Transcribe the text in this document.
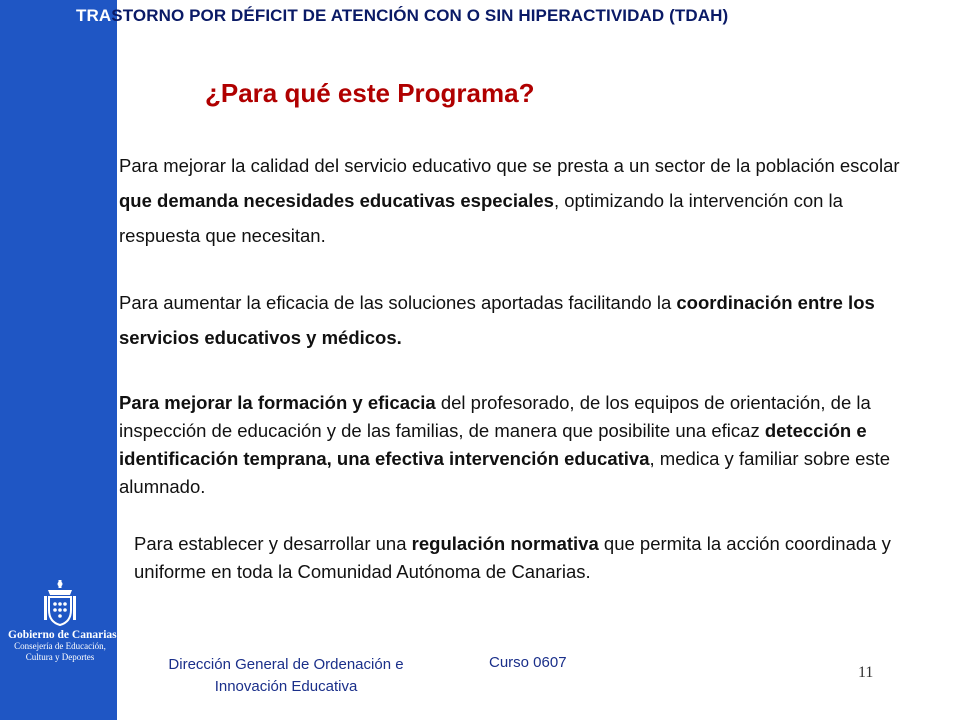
TRASTORNO POR DÉFICIT DE ATENCIÓN CON O SIN HIPERACTIVIDAD (TDAH)
¿Para qué este Programa?
Para mejorar la calidad del servicio educativo que se presta a un sector de la población escolar que demanda necesidades educativas especiales, optimizando la intervención con la respuesta que necesitan.
Para aumentar la eficacia de las soluciones aportadas facilitando la coordinación entre los servicios educativos y médicos.
Para mejorar la formación y eficacia del profesorado, de los equipos de orientación, de la inspección de educación y de las familias, de manera que posibilite una eficaz detección e identificación temprana, una efectiva intervención educativa, medica y familiar sobre este alumnado.
Para establecer y desarrollar una regulación normativa que permita la acción coordinada y uniforme en toda la Comunidad Autónoma de Canarias.
Gobierno de Canarias
Consejería de Educación,
Cultura y Deportes	Dirección General de Ordenación e
Innovación Educativa
Curso 0607
11
